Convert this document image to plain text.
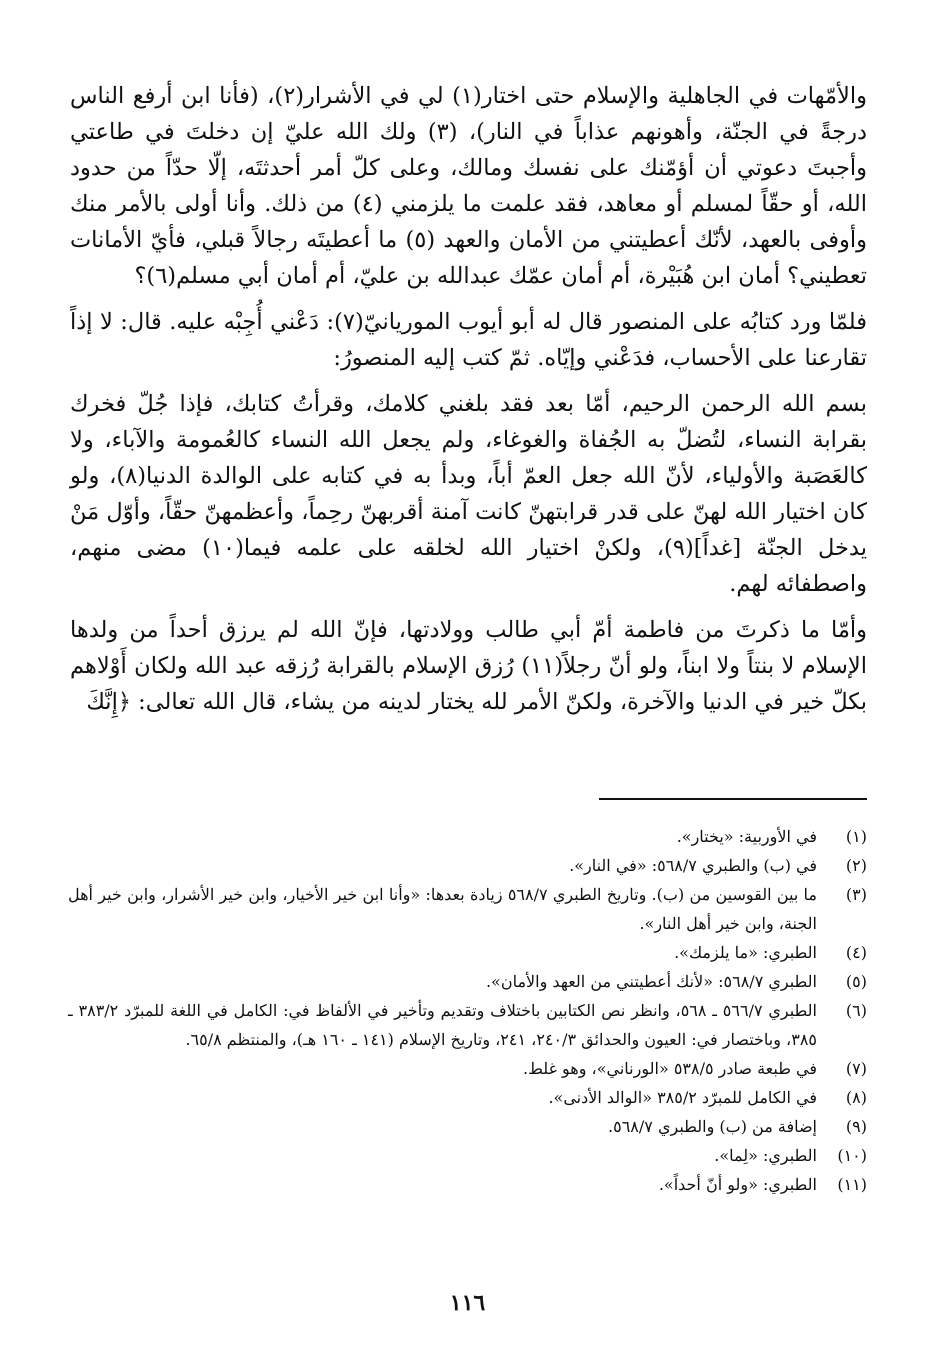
والأمّهات في الجاهلية والإسلام حتى اختار(١) لي في الأشرار(٢)، (فأنا ابن أرفع الناس درجةً في الجنّة، وأهونهم عذاباً في النار)، (٣) ولك الله عليّ إن دخلتَ في طاعتي وأجبتَ دعوتي أن أؤمّنك على نفسك ومالك، وعلى كلّ أمر أحدثتَه، إلّا حدّاً من حدود الله، أو حقّاً لمسلم أو معاهد، فقد علمت ما يلزمني (٤) من ذلك. وأنا أولى بالأمر منك وأوفى بالعهد، لأنّك أعطيتني من الأمان والعهد (٥) ما أعطيتَه رجالاً قبلي، فأيّ الأمانات تعطيني؟ أمان ابن هُبَيْرة، أم أمان عمّك عبدالله بن عليّ، أم أمان أبي مسلم(٦)؟

فلمّا ورد كتابُه على المنصور قال له أبو أيوب الموريانيّ(٧): دَعْني أُجِبْه عليه. قال: لا إذاً تقارعنا على الأحساب، فدَعْني وإيّاه. ثمّ كتب إليه المنصورُ:

بسم الله الرحمن الرحيم، أمّا بعد فقد بلغني كلامك، وقرأتُ كتابك، فإذا جُلّ فخرك بقرابة النساء، لتُضلّ به الجُفاة والغوغاء، ولم يجعل الله النساء كالعُمومة والآباء، ولا كالعَصَبة والأولياء، لأنّ الله جعل العمّ أباً، وبدأ به في كتابه على الوالدة الدنيا(٨)، ولو كان اختيار الله لهنّ على قدر قرابتهنّ كانت آمنة أقربهنّ رحِماً، وأعظمهنّ حقّاً، وأوّل مَنْ يدخل الجنّة [غداً](٩)، ولكنْ اختيار الله لخلقه على علمه فيما(١٠) مضى منهم، واصطفائه لهم.

وأمّا ما ذكرتَ من فاطمة أمّ أبي طالب وولادتها، فإنّ الله لم يرزق أحداً من ولدها الإسلام لا بنتاً ولا ابناً، ولو أنّ رجلاً(١١) رُزق الإسلام بالقرابة رُزقه عبد الله ولكان أَوْلاهم بكلّ خير في الدنيا والآخرة، ولكنّ الأمر لله يختار لدينه من يشاء، قال الله تعالى: ﴿إِنَّكَ

(١)
في الأوربية: «يختار».
(٢)
في (ب) والطبري ٥٦٨/٧: «في النار».
(٣)
ما بين القوسين من (ب). وتاريخ الطبري ٥٦٨/٧ زيادة بعدها: «وأنا ابن خير الأخيار، وابن خير الأشرار، وابن خير أهل الجنة، وابن خير أهل النار».
(٤)
الطبري: «ما يلزمك».
(٥)
الطبري ٥٦٨/٧: «لأنك أعطيتني من العهد والأمان».
(٦)
الطبري ٥٦٦/٧ ـ ٥٦٨، وانظر نص الكتابين باختلاف وتقديم وتأخير في الألفاظ في: الكامل في اللغة للمبرّد ٣٨٣/٢ ـ ٣٨٥، وباختصار في: العيون والحدائق ٢٤٠/٣، ٢٤١، وتاريخ الإسلام (١٤١ ـ ١٦٠ هـ)، والمنتظم ٦٥/٨.
(٧)
في طبعة صادر ٥٣٨/٥ «الورناني»، وهو غلط.
(٨)
في الكامل للمبرّد ٣٨٥/٢ «الوالد الأدنى».
(٩)
إضافة من (ب) والطبري ٥٦٨/٧.
(١٠)
الطبري: «لِما».
(١١)
الطبري: «ولو أنّ أحداً».
١١٦
